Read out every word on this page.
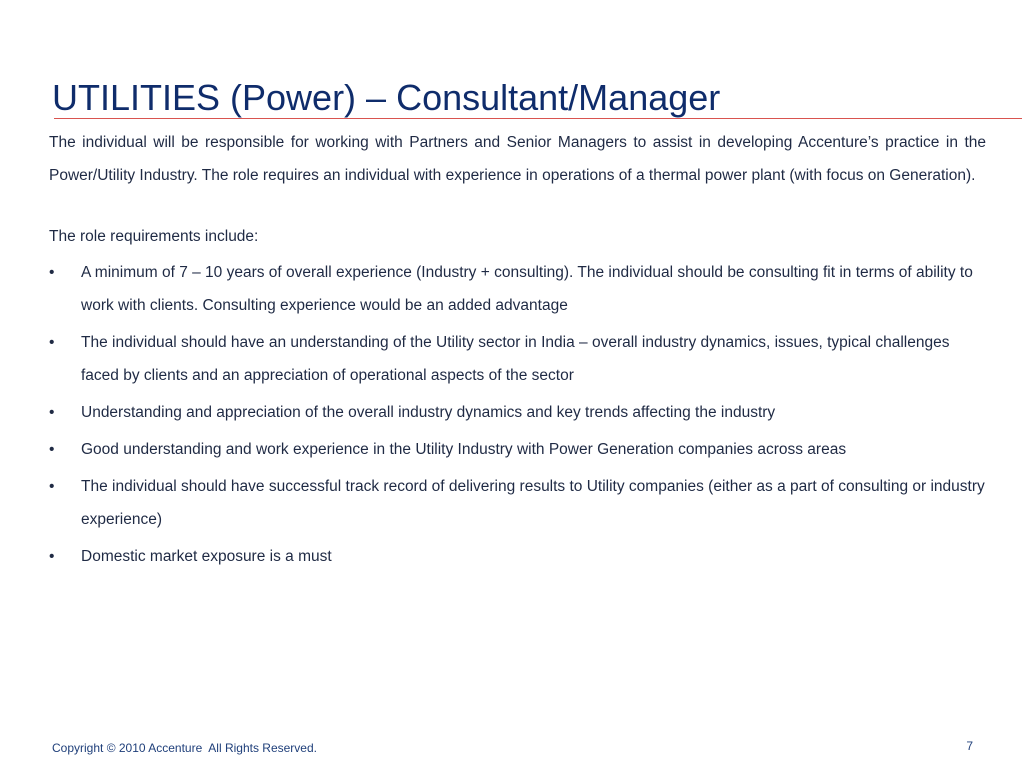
UTILITIES (Power) – Consultant/Manager

The individual will be responsible for working with Partners and Senior Managers to assist in developing Accenture’s practice in the Power/Utility Industry. The role requires an individual with experience in operations of a thermal power plant (with focus on Generation).

The role requirements include:

• A minimum of 7 – 10 years of overall experience (Industry + consulting). The individual should be consulting fit in terms of ability to work with clients. Consulting experience would be an added advantage
• The individual should have an understanding of the Utility sector in India – overall industry dynamics, issues, typical challenges faced by clients and an appreciation of operational aspects of the sector
• Understanding and appreciation of the overall industry dynamics and key trends affecting the industry
• Good understanding and work experience in the Utility Industry with Power Generation companies across areas
• The individual should have successful track record of delivering results to Utility companies (either as a part of consulting or industry experience)
• Domestic market exposure is a must
Copyright © 2010 Accenture  All Rights Reserved.	7
